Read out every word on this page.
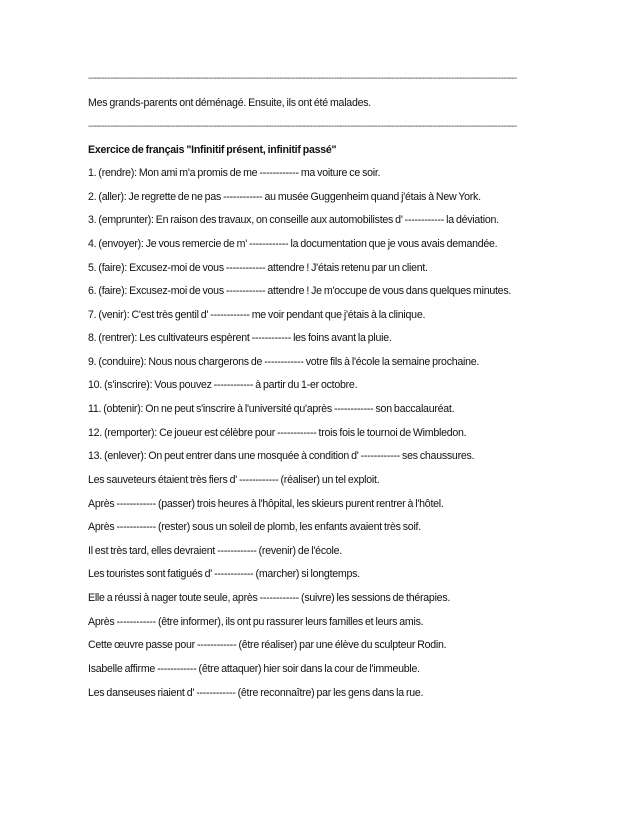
-------------------------------------------------------------------------------------------------------------------------------------------------------------
Mes grands-parents ont déménagé. Ensuite, ils ont été malades.
-------------------------------------------------------------------------------------------------------------------------------------------------------------
Exercice de français "Infinitif présent, infinitif passé"
1. (rendre): Mon ami m'a promis de me ------------ ma voiture ce soir.
2. (aller): Je regrette de ne pas ------------ au musée Guggenheim quand j'étais à New York.
3. (emprunter): En raison des travaux, on conseille aux automobilistes d' ------------ la déviation.
4. (envoyer): Je vous remercie de m' ------------ la documentation que je vous avais demandée.
5. (faire): Excusez-moi de vous ------------ attendre ! J'étais retenu par un client.
6. (faire): Excusez-moi de vous ------------ attendre ! Je m'occupe de vous dans quelques minutes.
7. (venir): C'est très gentil d' ------------ me voir pendant que j'étais à la clinique.
8. (rentrer): Les cultivateurs espèrent ------------ les foins avant la pluie.
9. (conduire): Nous nous chargerons de ------------ votre fils à l'école la semaine prochaine.
10. (s'inscrire): Vous pouvez ------------ à partir du 1-er octobre.
11. (obtenir): On ne peut s'inscrire à l'université qu'après ------------ son baccalauréat.
12. (remporter): Ce joueur est célèbre pour ------------ trois fois le tournoi de Wimbledon.
13. (enlever): On peut entrer dans une mosquée à condition d' ------------ ses chaussures.
Les sauveteurs étaient très fiers d' ------------ (réaliser) un tel exploit.
Après ------------ (passer) trois heures à l'hôpital, les skieurs purent rentrer à l'hôtel.
Après ------------ (rester) sous un soleil de plomb, les enfants avaient très soif.
Il est très tard, elles devraient ------------ (revenir) de l'école.
Les touristes sont fatigués d' ------------ (marcher) si longtemps.
Elle a réussi à nager toute seule, après ------------ (suivre) les sessions de thérapies.
Après ------------ (être informer), ils ont pu rassurer leurs familles et leurs amis.
Cette œuvre passe pour ------------ (être réaliser) par une élève du sculpteur Rodin.
Isabelle affirme ------------ (être attaquer) hier soir dans la cour de l'immeuble.
Les danseuses riaient d' ------------ (être reconnaître) par les gens dans la rue.
